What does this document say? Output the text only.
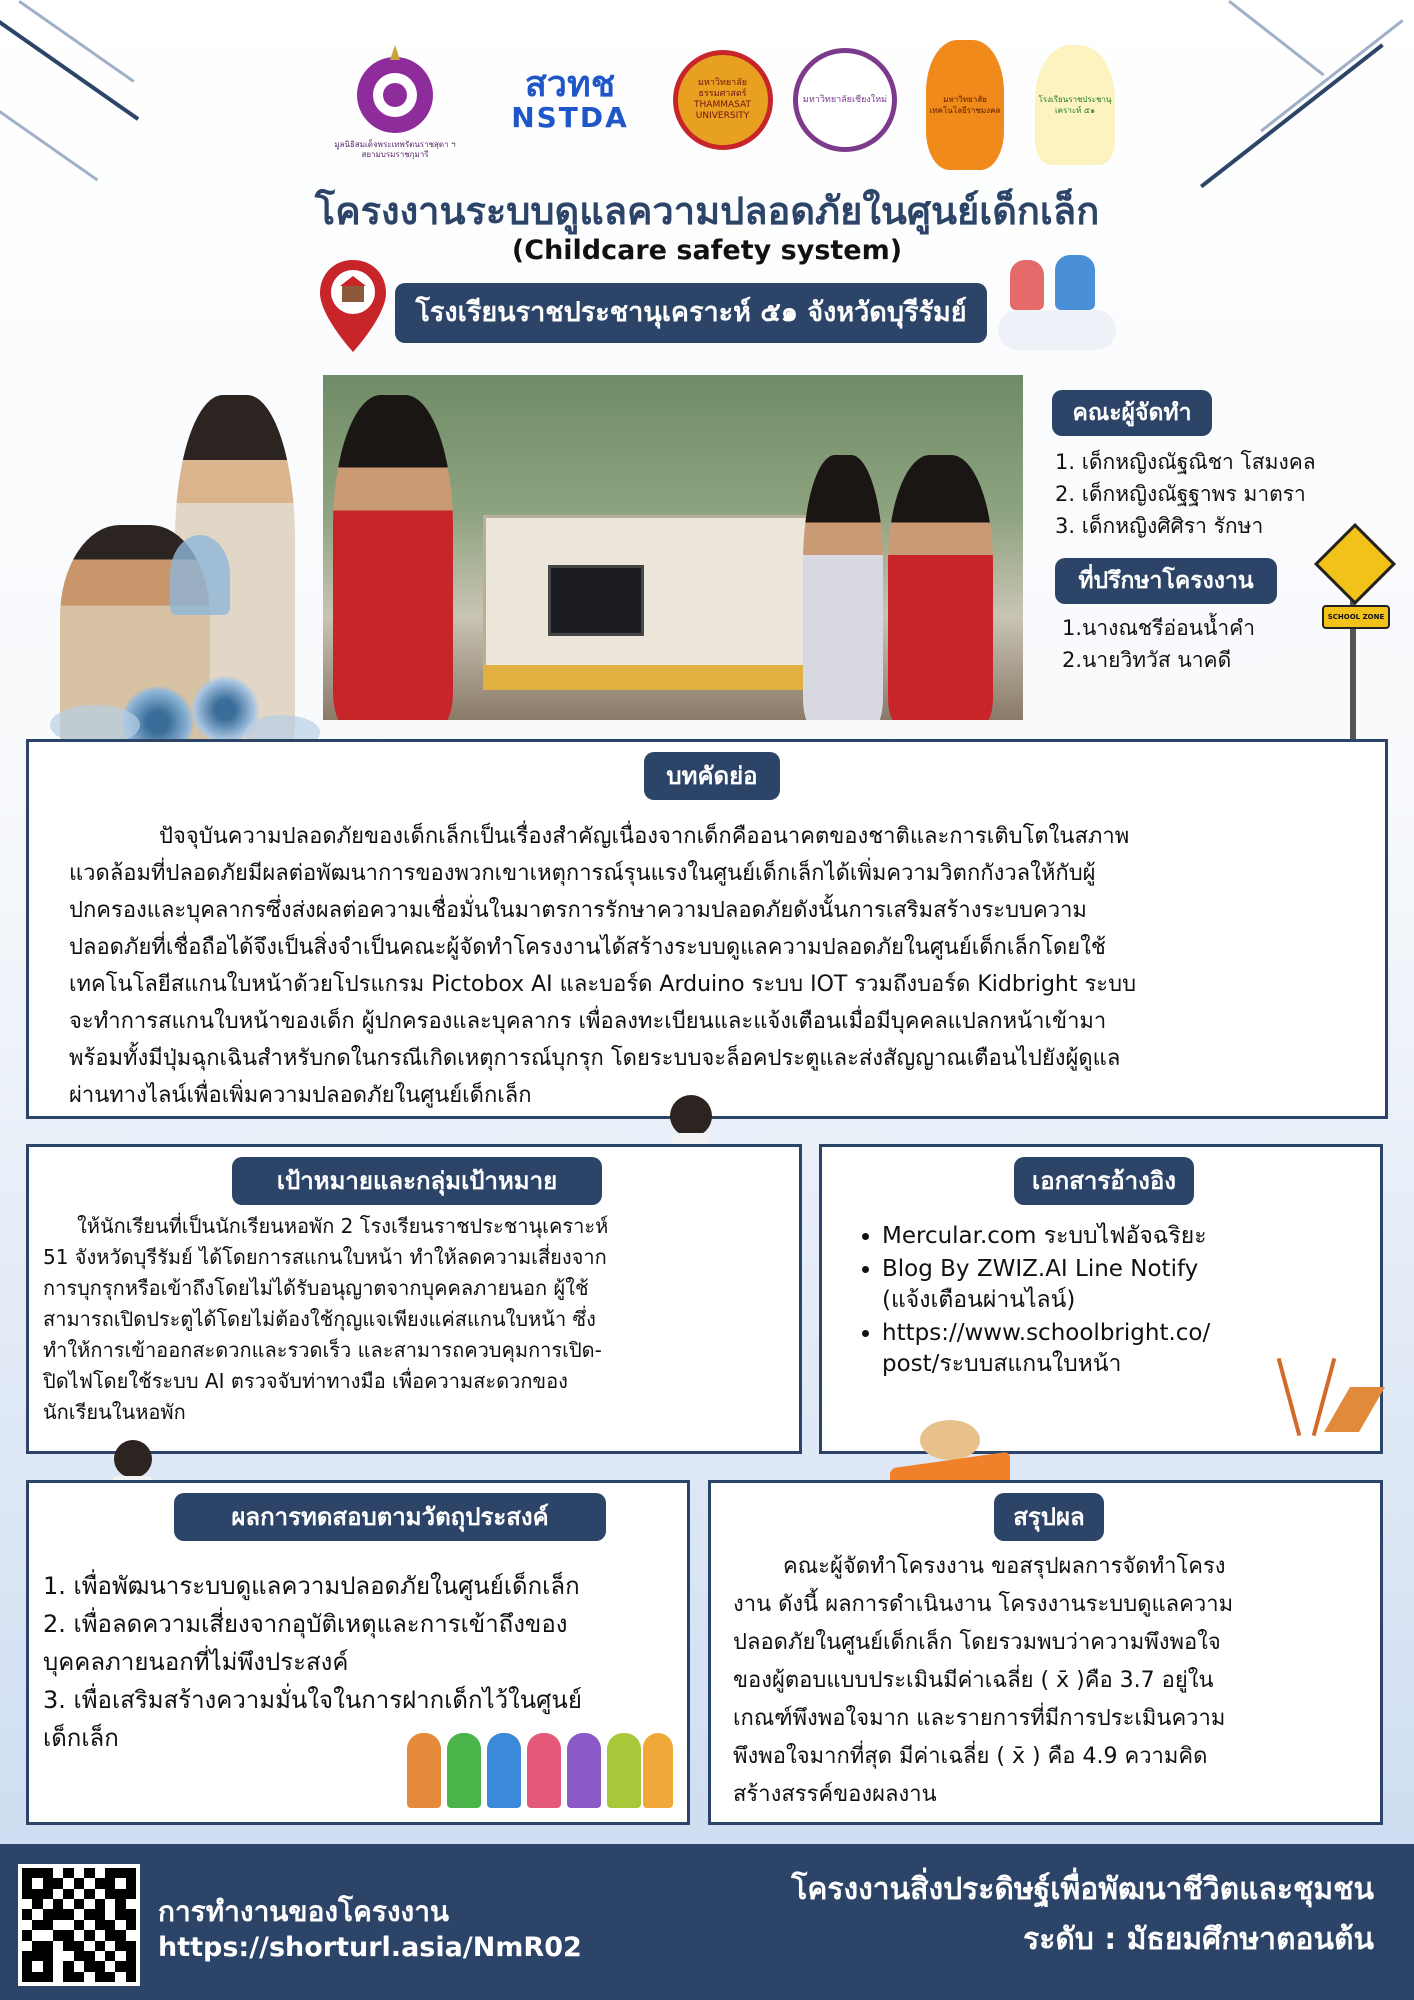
มูลนิธิสมเด็จพระเทพรัตนราชสุดา ฯ สยามบรมราชกุมารี
สวทช
NSTDA
มหาวิทยาลัยธรรมศาสตร์ THAMMASAT UNIVERSITY
มหาวิทยาลัยเชียงใหม่	มหาวิทยาลัยเทคโนโลยีราชมงคล
โรงเรียนราชประชานุเคราะห์ ๕๑
โครงงานระบบดูแลความปลอดภัยในศูนย์เด็กเล็ก
(Childcare safety system)
โรงเรียนราชประชานุเคราะห์ ๕๑ จังหวัดบุรีรัมย์
คณะผู้จัดทำ
1. เด็กหญิงณัฐณิชา โสมงคล
2. เด็กหญิงณัฐฐาพร มาตรา
3. เด็กหญิงศิศิรา รักษา
ที่ปรึกษาโครงงาน
1.นางณชรีอ่อนน้ำคำ
2.นายวิทวัส นาคดี
SCHOOL ZONE
บทคัดย่อ
ปัจจุบันความปลอดภัยของเด็กเล็กเป็นเรื่องสำคัญเนื่องจากเด็กคืออนาคตของชาติและการเติบโตในสภาพ
แวดล้อมที่ปลอดภัยมีผลต่อพัฒนาการของพวกเขาเหตุการณ์รุนแรงในศูนย์เด็กเล็กได้เพิ่มความวิตกกังวลให้กับผู้
ปกครองและบุคลากรซึ่งส่งผลต่อความเชื่อมั่นในมาตรการรักษาความปลอดภัยดังนั้นการเสริมสร้างระบบความ
ปลอดภัยที่เชื่อถือได้จึงเป็นสิ่งจำเป็นคณะผู้จัดทำโครงงานได้สร้างระบบดูแลความปลอดภัยในศูนย์เด็กเล็กโดยใช้
เทคโนโลยีสแกนใบหน้าด้วยโปรแกรม Pictobox AI และบอร์ด Arduino ระบบ IOT รวมถึงบอร์ด Kidbright ระบบ
จะทำการสแกนใบหน้าของเด็ก ผู้ปกครองและบุคลากร เพื่อลงทะเบียนและแจ้งเตือนเมื่อมีบุคคลแปลกหน้าเข้ามา
พร้อมทั้งมีปุ่มฉุกเฉินสำหรับกดในกรณีเกิดเหตุการณ์บุกรุก โดยระบบจะล็อคประตูและส่งสัญญาณเตือนไปยังผู้ดูแล
ผ่านทางไลน์เพื่อเพิ่มความปลอดภัยในศูนย์เด็กเล็ก
เป้าหมายและกลุ่มเป้าหมาย
ให้นักเรียนที่เป็นนักเรียนหอพัก 2 โรงเรียนราชประชานุเคราะห์
51 จังหวัดบุรีรัมย์ ได้โดยการสแกนใบหน้า ทำให้ลดความเสี่ยงจาก
การบุกรุกหรือเข้าถึงโดยไม่ได้รับอนุญาตจากบุคคลภายนอก ผู้ใช้
สามารถเปิดประตูได้โดยไม่ต้องใช้กุญแจเพียงแค่สแกนใบหน้า ซึ่ง
ทำให้การเข้าออกสะดวกและรวดเร็ว และสามารถควบคุมการเปิด-
ปิดไฟโดยใช้ระบบ AI ตรวจจับท่าทางมือ เพื่อความสะดวกของ
นักเรียนในหอพัก
เอกสารอ้างอิง
• Mercular.com ระบบไฟอัจฉริยะ
• Blog By ZWIZ.AI Line Notify (แจ้งเตือนผ่านไลน์)
• https://www.schoolbright.co/post/ระบบสแกนใบหน้า
ผลการทดสอบตามวัตถุประสงค์
1. เพื่อพัฒนาระบบดูแลความปลอดภัยในศูนย์เด็กเล็ก
2. เพื่อลดความเสี่ยงจากอุบัติเหตุและการเข้าถึงของ
บุคคลภายนอกที่ไม่พึงประสงค์
3. เพื่อเสริมสร้างความมั่นใจในการฝากเด็กไว้ในศูนย์
เด็กเล็ก
สรุปผล
คณะผู้จัดทำโครงงาน ขอสรุปผลการจัดทำโครง
งาน ดังนี้ ผลการดำเนินงาน โครงงานระบบดูแลความ
ปลอดภัยในศูนย์เด็กเล็ก โดยรวมพบว่าความพึงพอใจ
ของผู้ตอบแบบประเมินมีค่าเฉลี่ย ( x̄ )คือ 3.7 อยู่ใน
เกณฑ์พึงพอใจมาก และรายการที่มีการประเมินความ
พึงพอใจมากที่สุด มีค่าเฉลี่ย ( x̄ ) คือ 4.9 ความคิด
สร้างสรรค์ของผลงาน
การทำงานของโครงงาน
https://shorturl.asia/NmR02
โครงงานสิ่งประดิษฐ์เพื่อพัฒนาชีวิตและชุมชน
ระดับ : มัธยมศึกษาตอนต้น
